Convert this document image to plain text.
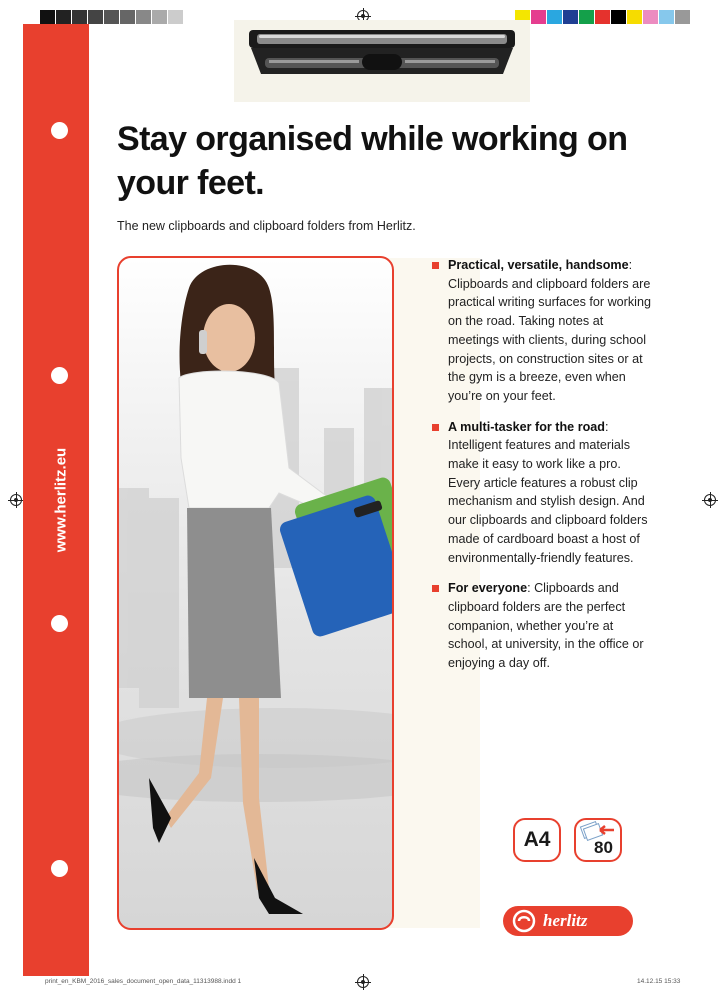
www.herlitz.eu
Stay organised while working on your feet.

The new clipboards and clipboard folders from Herlitz.

Practical, versatile, handsome: Clipboards and clipboard folders are practical writing surfaces for working on the road. Taking notes at meetings with clients, during school projects, on construction sites or at the gym is a breeze, even when you’re on your feet.
A multi-tasker for the road: Intelligent features and materials make it easy to work like a pro. Every article features a robust clip mechanism and stylish design. And our clipboards and clipboard folders made of cardboard boast a host of environmentally-friendly features.
For everyone: Clipboards and clipboard folders are the perfect companion, whether you’re at school, at university, in the office or enjoying a day off.
A4	80
herlitz
print_en_KBM_2016_sales_document_open_data_11313988.indd 1	14.12.15 15:33
